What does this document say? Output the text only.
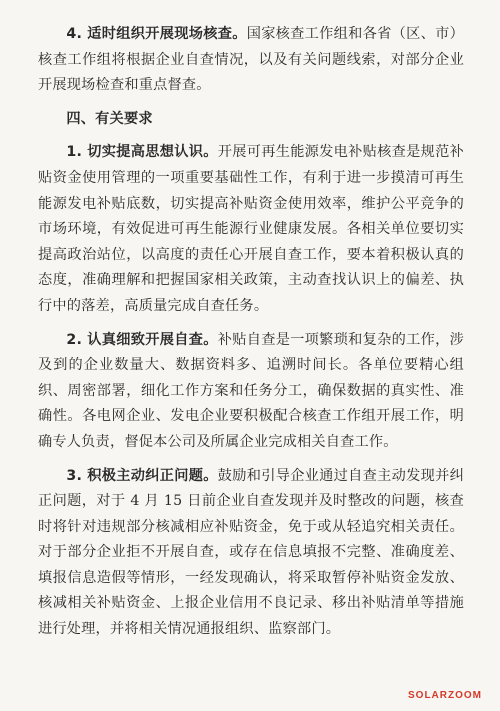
4. 适时组织开展现场核查。国家核查工作组和各省（区、市）核查工作组将根据企业自查情况，以及有关问题线索，对部分企业开展现场检查和重点督查。

四、有关要求

1. 切实提高思想认识。开展可再生能源发电补贴核查是规范补贴资金使用管理的一项重要基础性工作，有利于进一步摸清可再生能源发电补贴底数，切实提高补贴资金使用效率，维护公平竞争的市场环境，有效促进可再生能源行业健康发展。各相关单位要切实提高政治站位，以高度的责任心开展自查工作，要本着积极认真的态度，准确理解和把握国家相关政策，主动查找认识上的偏差、执行中的落差，高质量完成自查任务。

2. 认真细致开展自查。补贴自查是一项繁琐和复杂的工作，涉及到的企业数量大、数据资料多、追溯时间长。各单位要精心组织、周密部署，细化工作方案和任务分工，确保数据的真实性、准确性。各电网企业、发电企业要积极配合核查工作组开展工作，明确专人负责，督促本公司及所属企业完成相关自查工作。

3. 积极主动纠正问题。鼓励和引导企业通过自查主动发现并纠正问题，对于 4 月 15 日前企业自查发现并及时整改的问题，核查时将针对违规部分核减相应补贴资金，免于或从轻追究相关责任。对于部分企业拒不开展自查，或存在信息填报不完整、准确度差、填报信息造假等情形，一经发现确认，将采取暂停补贴资金发放、核减相关补贴资金、上报企业信用不良记录、移出补贴清单等措施进行处理，并将相关情况通报组织、监察部门。

SOLARZOOM
